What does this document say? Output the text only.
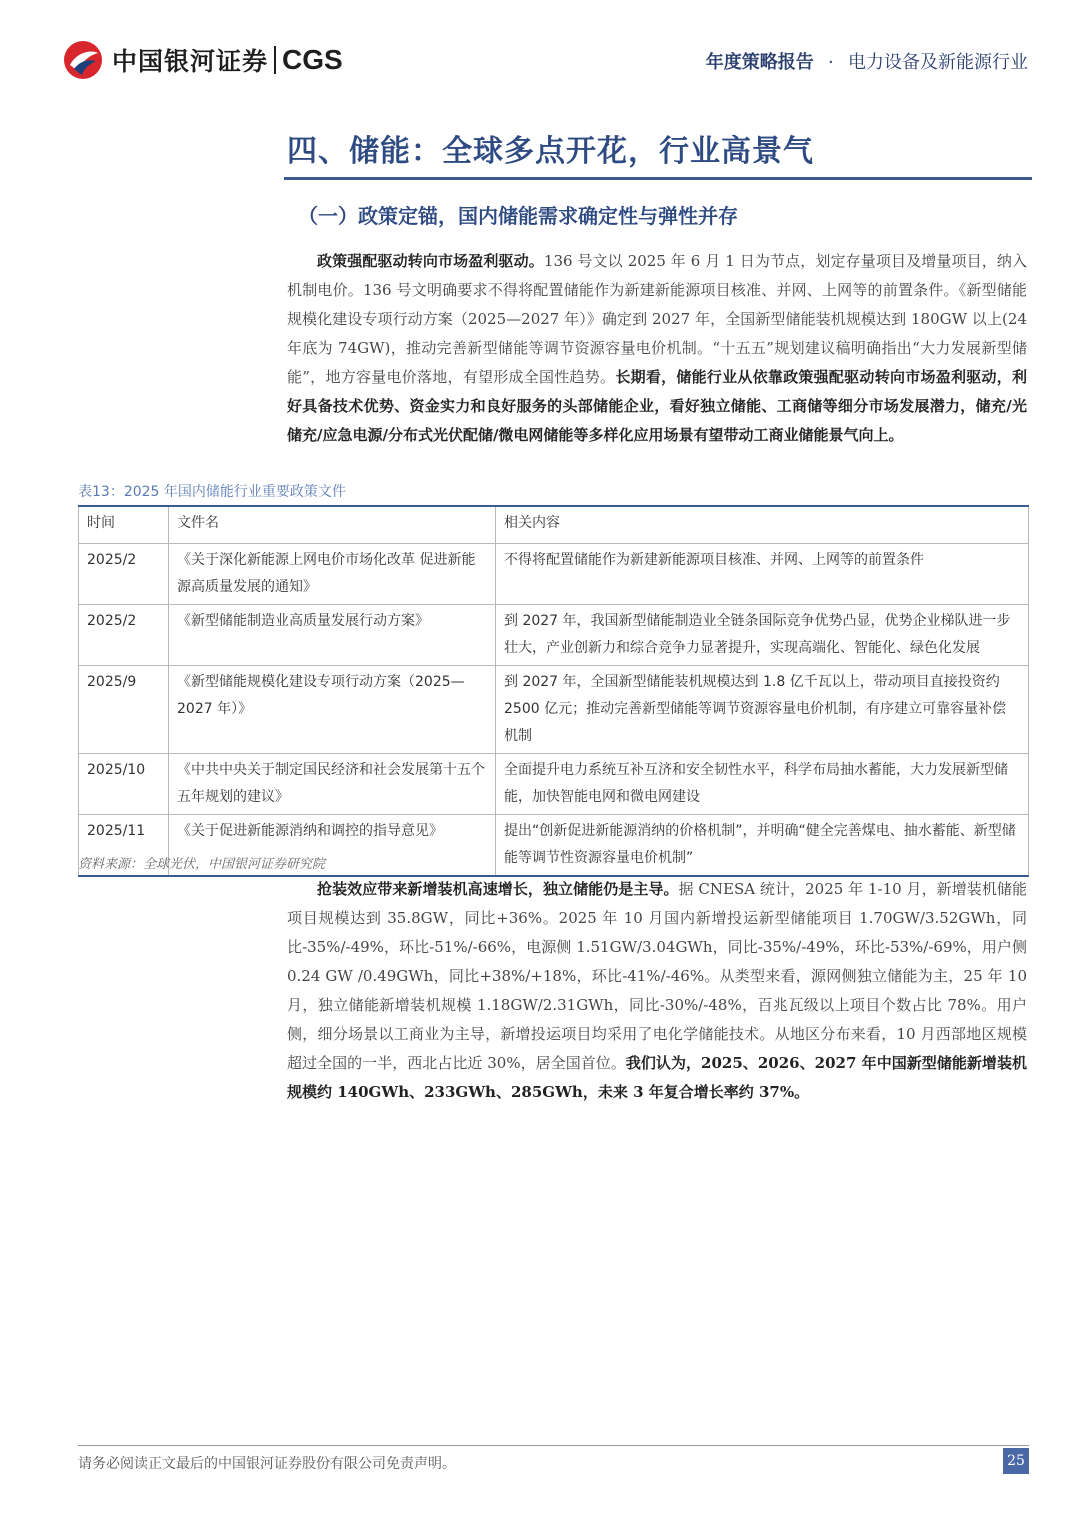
中国银河证券 CGS	年度策略报告 · 电力设备及新能源行业
四、储能：全球多点开花，行业高景气
（一）政策定锚，国内储能需求确定性与弹性并存

政策强配驱动转向市场盈利驱动。136 号文以 2025 年 6 月 1 日为节点，划定存量项目及增量项目，纳入机制电价。136 号文明确要求不得将配置储能作为新建新能源项目核准、并网、上网等的前置条件。《新型储能规模化建设专项行动方案（2025—2027 年）》确定到 2027 年，全国新型储能装机规模达到 180GW 以上(24 年底为 74GW)，推动完善新型储能等调节资源容量电价机制。“十五五”规划建议稿明确指出“大力发展新型储能”，地方容量电价落地，有望形成全国性趋势。长期看，储能行业从依靠政策强配驱动转向市场盈利驱动，利好具备技术优势、资金实力和良好服务的头部储能企业，看好独立储能、工商储等细分市场发展潜力，储充/光储充/应急电源/分布式光伏配储/微电网储能等多样化应用场景有望带动工商业储能景气向上。

表13：2025 年国内储能行业重要政策文件
时间	文件名	相关内容
2025/2	《关于深化新能源上网电价市场化改革 促进新能源高质量发展的通知》	不得将配置储能作为新建新能源项目核准、并网、上网等的前置条件
2025/2	《新型储能制造业高质量发展行动方案》	到 2027 年，我国新型储能制造业全链条国际竞争优势凸显，优势企业梯队进一步壮大，产业创新力和综合竞争力显著提升，实现高端化、智能化、绿色化发展
2025/9	《新型储能规模化建设专项行动方案（2025—2027 年）》	到 2027 年，全国新型储能装机规模达到 1.8 亿千瓦以上，带动项目直接投资约 2500 亿元；推动完善新型储能等调节资源容量电价机制，有序建立可靠容量补偿机制
2025/10	《中共中央关于制定国民经济和社会发展第十五个五年规划的建议》	全面提升电力系统互补互济和安全韧性水平，科学布局抽水蓄能，大力发展新型储能，加快智能电网和微电网建设
2025/11	《关于促进新能源消纳和调控的指导意见》	提出“创新促进新能源消纳的价格机制”，并明确“健全完善煤电、抽水蓄能、新型储能等调节性资源容量电价机制”
资料来源：全球光伏，中国银河证券研究院

抢装效应带来新增装机高速增长，独立储能仍是主导。据 CNESA 统计，2025 年 1-10 月，新增装机储能项目规模达到 35.8GW，同比+36%。2025 年 10 月国内新增投运新型储能项目 1.70GW/3.52GWh，同比-35%/-49%，环比-51%/-66%，电源侧 1.51GW/3.04GWh，同比-35%/-49%，环比-53%/-69%，用户侧 0.24 GW /0.49GWh，同比+38%/+18%，环比-41%/-46%。从类型来看，源网侧独立储能为主，25 年 10 月，独立储能新增装机规模 1.18GW/2.31GWh，同比-30%/-48%，百兆瓦级以上项目个数占比 78%。用户侧，细分场景以工商业为主导，新增投运项目均采用了电化学储能技术。从地区分布来看，10 月西部地区规模超过全国的一半，西北占比近 30%，居全国首位。我们认为，2025、2026、2027 年中国新型储能新增装机规模约 140GWh、233GWh、285GWh，未来 3 年复合增长率约 37%。

请务必阅读正文最后的中国银河证券股份有限公司免责声明。	25
